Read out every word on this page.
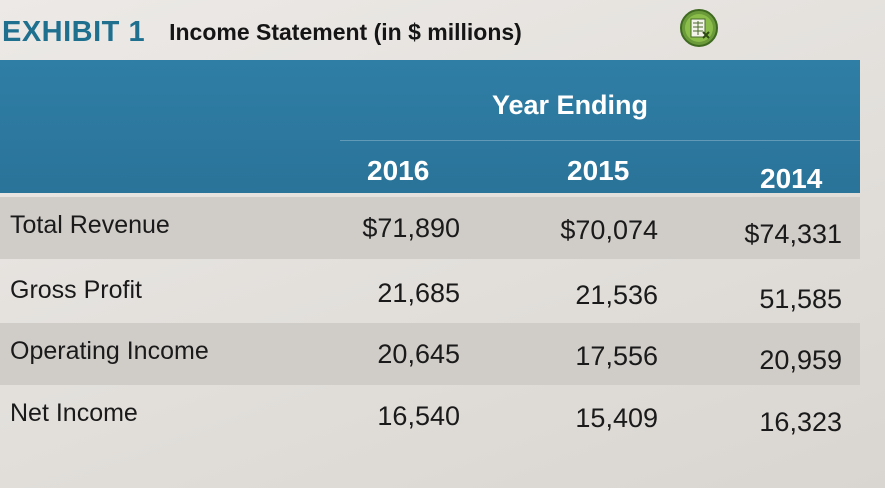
EXHIBIT 1 Income Statement (in $ millions)
Year Ending
2016	2015	2014
Total Revenue	$71,890	$70,074	$74,331
Gross Profit	21,685	21,536	51,585
Operating Income	20,645	17,556	20,959
Net Income	16,540	15,409	16,323
